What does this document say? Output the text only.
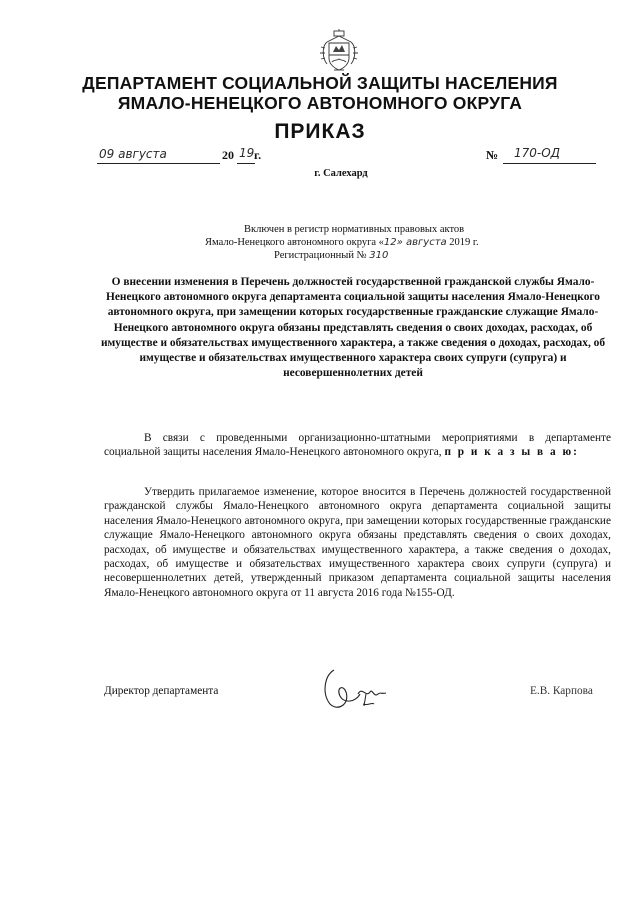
ДЕПАРТАМЕНТ СОЦИАЛЬНОЙ ЗАЩИТЫ НАСЕЛЕНИЯ
ЯМАЛО-НЕНЕЦКОГО АВТОНОМНОГО ОКРУГА
ПРИКАЗ
09 августа	20 19 г.	№ 170-ОД
г. Салехард
Включен в регистр нормативных правовых актов
Ямало-Ненецкого автономного округа «12» августа 2019 г.
Регистрационный № 310
О внесении изменения в Перечень должностей государственной гражданской службы Ямало-Ненецкого автономного округа департамента социальной защиты населения Ямало-Ненецкого автономного округа, при замещении которых государственные гражданские служащие Ямало-Ненецкого автономного округа обязаны представлять сведения о своих доходах, расходах, об имуществе и обязательствах имущественного характера, а также сведения о доходах, расходах, об имуществе и обязательствах имущественного характера своих супруги (супруга) и несовершеннолетних детей
В связи с проведенными организационно-штатными мероприятиями в департаменте социальной защиты населения Ямало-Ненецкого автономного округа, п р и к а з ы в а ю:
Утвердить прилагаемое изменение, которое вносится в Перечень должностей государственной гражданской службы Ямало-Ненецкого автономного округа департамента социальной защиты населения Ямало-Ненецкого автономного округа, при замещении которых государственные гражданские служащие Ямало-Ненецкого автономного округа обязаны представлять сведения о своих доходах, расходах, об имуществе и обязательствах имущественного характера, а также сведения о доходах, расходах, об имуществе и обязательствах имущественного характера своих супруги (супруга) и несовершеннолетних детей, утвержденный приказом департамента социальной защиты населения Ямало-Ненецкого автономного округа от 11 августа 2016 года №155-ОД.
Директор департамента	Е.В. Карпова
